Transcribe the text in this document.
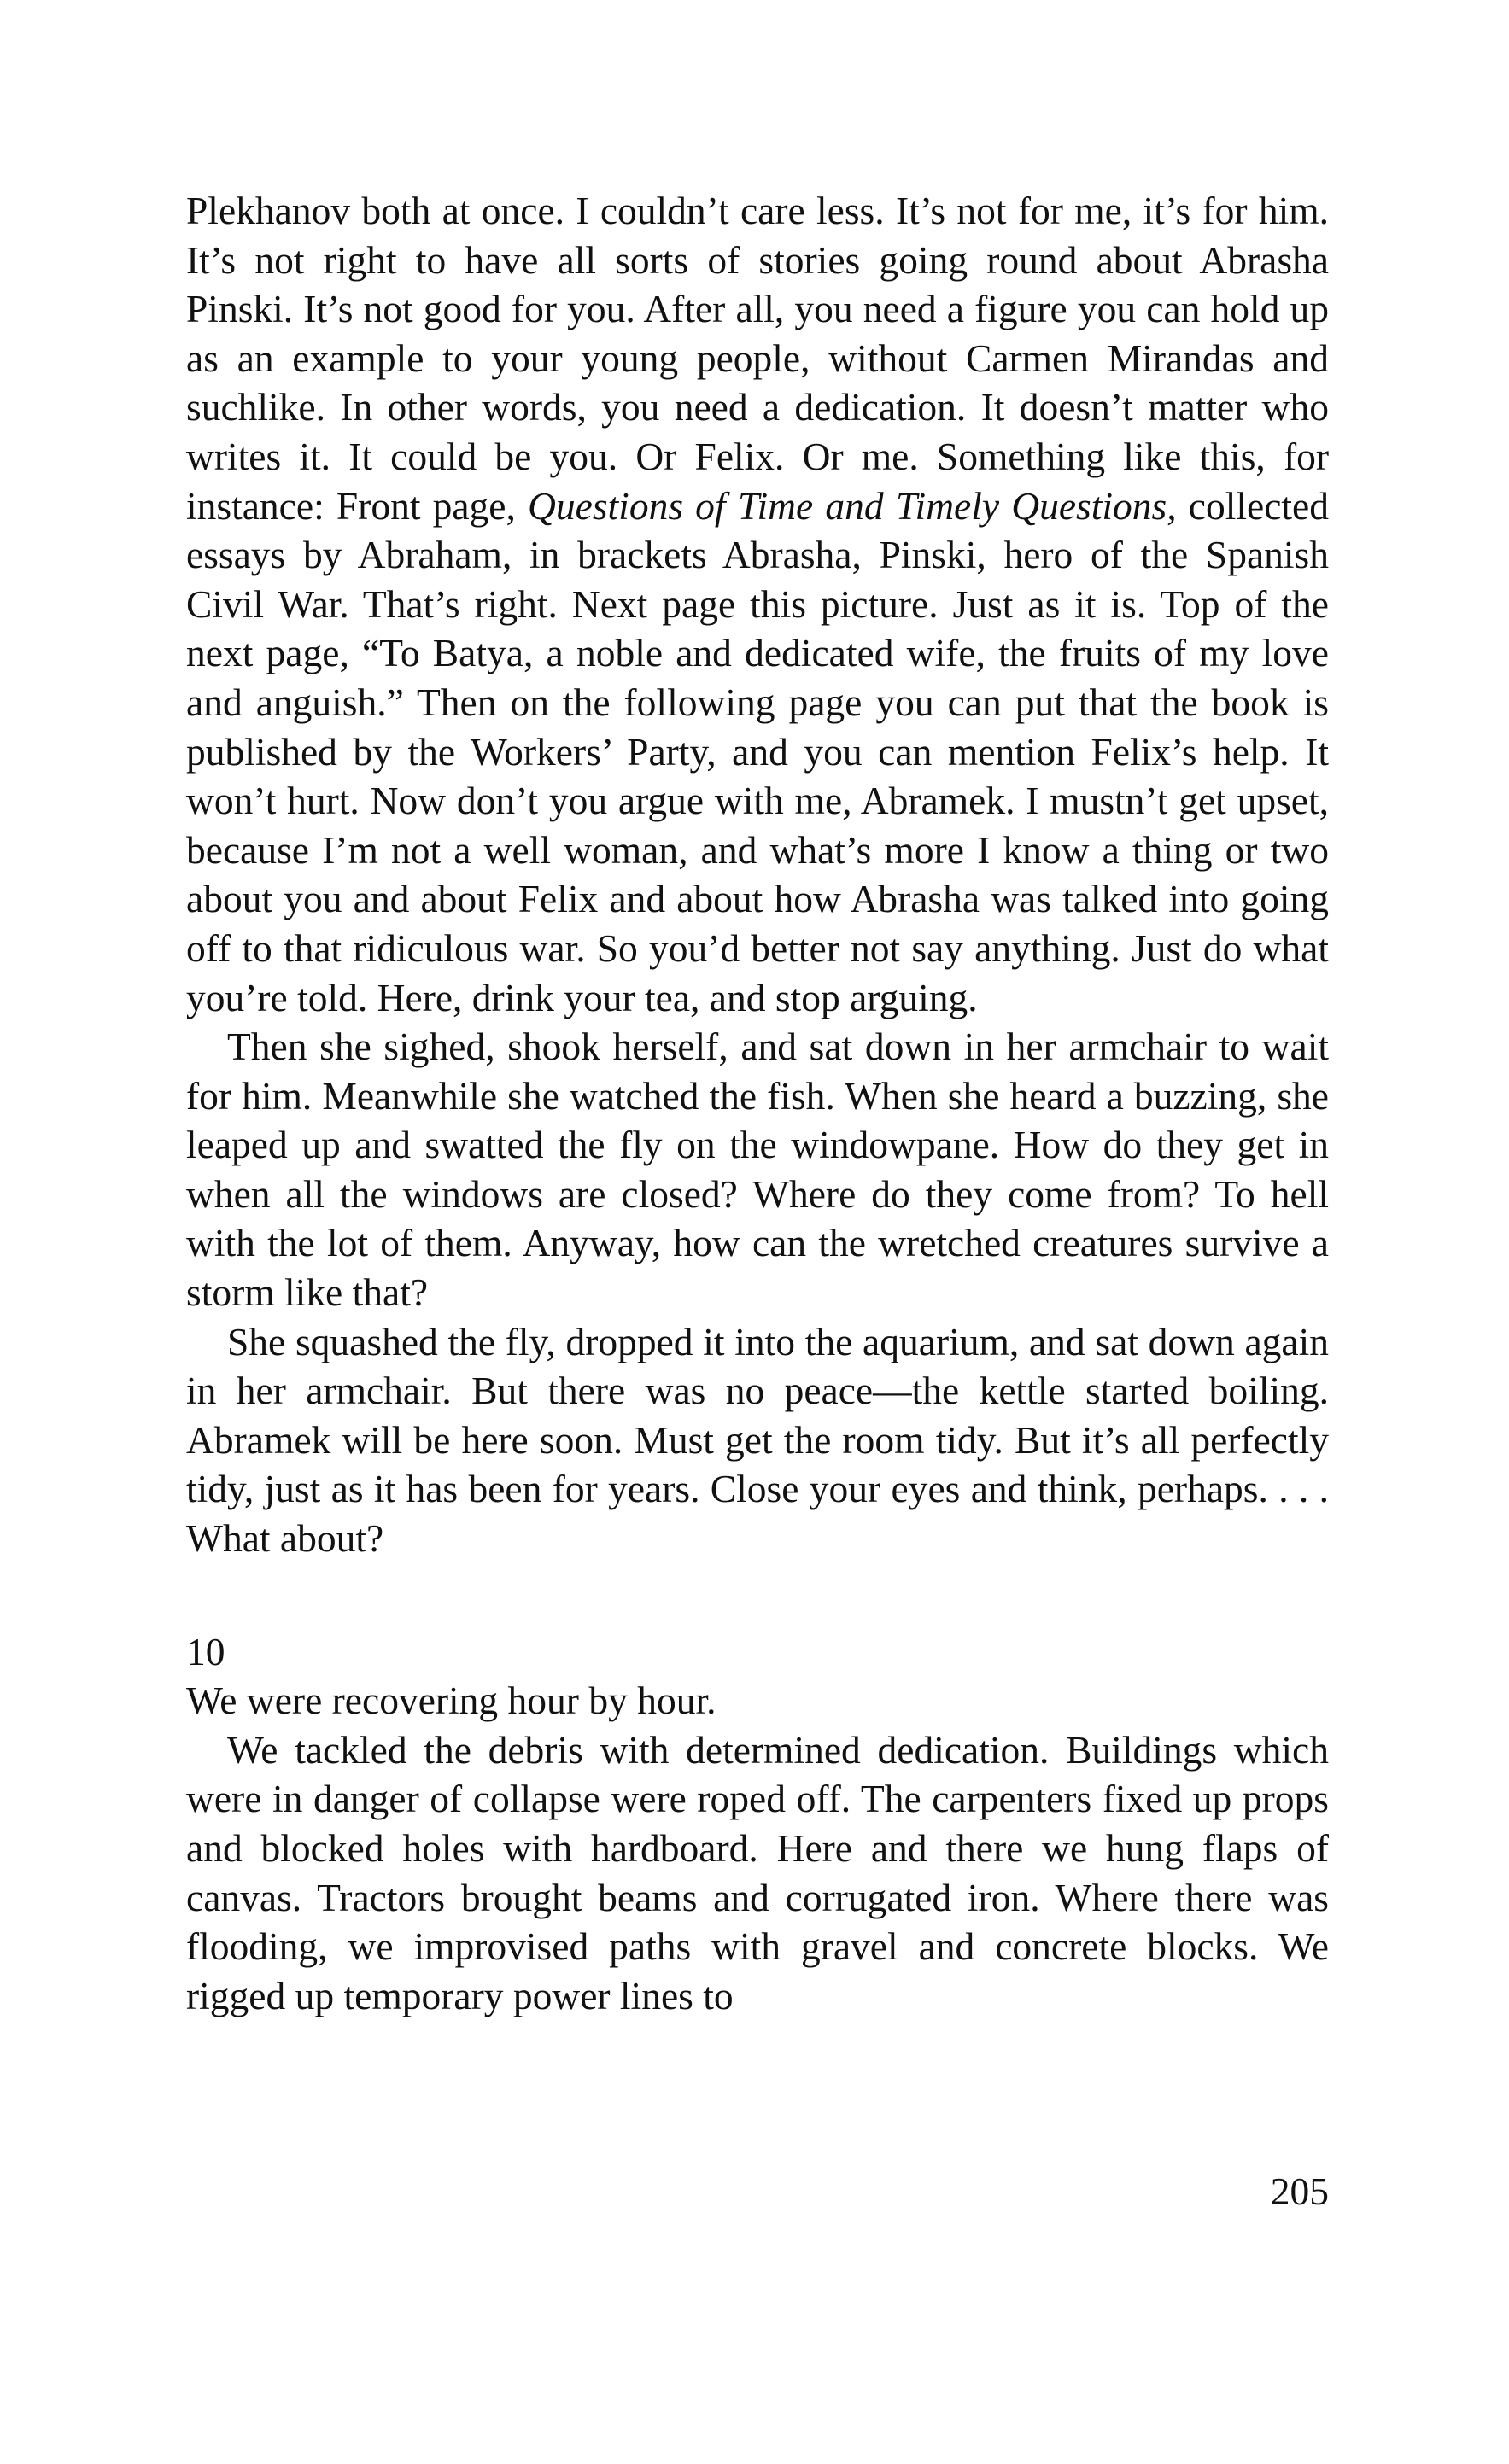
Plekhanov both at once. I couldn’t care less. It’s not for me, it’s for him. It’s not right to have all sorts of stories going round about Abrasha Pinski. It’s not good for you. After all, you need a figure you can hold up as an example to your young people, without Carmen Mirandas and suchlike. In other words, you need a dedication. It doesn’t matter who writes it. It could be you. Or Felix. Or me. Something like this, for instance: Front page, Questions of Time and Timely Questions, collected essays by Abraham, in brackets Abrasha, Pinski, hero of the Spanish Civil War. That’s right. Next page this picture. Just as it is. Top of the next page, “To Batya, a noble and dedicated wife, the fruits of my love and anguish.” Then on the following page you can put that the book is published by the Workers’ Party, and you can mention Felix’s help. It won’t hurt. Now don’t you argue with me, Abramek. I mustn’t get upset, because I’m not a well woman, and what’s more I know a thing or two about you and about Felix and about how Abrasha was talked into going off to that ridiculous war. So you’d better not say anything. Just do what you’re told. Here, drink your tea, and stop arguing.

Then she sighed, shook herself, and sat down in her armchair to wait for him. Meanwhile she watched the fish. When she heard a buzzing, she leaped up and swatted the fly on the windowpane. How do they get in when all the windows are closed? Where do they come from? To hell with the lot of them. Anyway, how can the wretched creatures survive a storm like that?

She squashed the fly, dropped it into the aquarium, and sat down again in her armchair. But there was no peace—the kettle started boiling. Abramek will be here soon. Must get the room tidy. But it’s all perfectly tidy, just as it has been for years. Close your eyes and think, perhaps. . . . What about?

10

We were recovering hour by hour.

We tackled the debris with determined dedication. Buildings which were in danger of collapse were roped off. The carpenters fixed up props and blocked holes with hardboard. Here and there we hung flaps of canvas. Tractors brought beams and corrugated iron. Where there was flooding, we improvised paths with gravel and concrete blocks. We rigged up temporary power lines to

205
